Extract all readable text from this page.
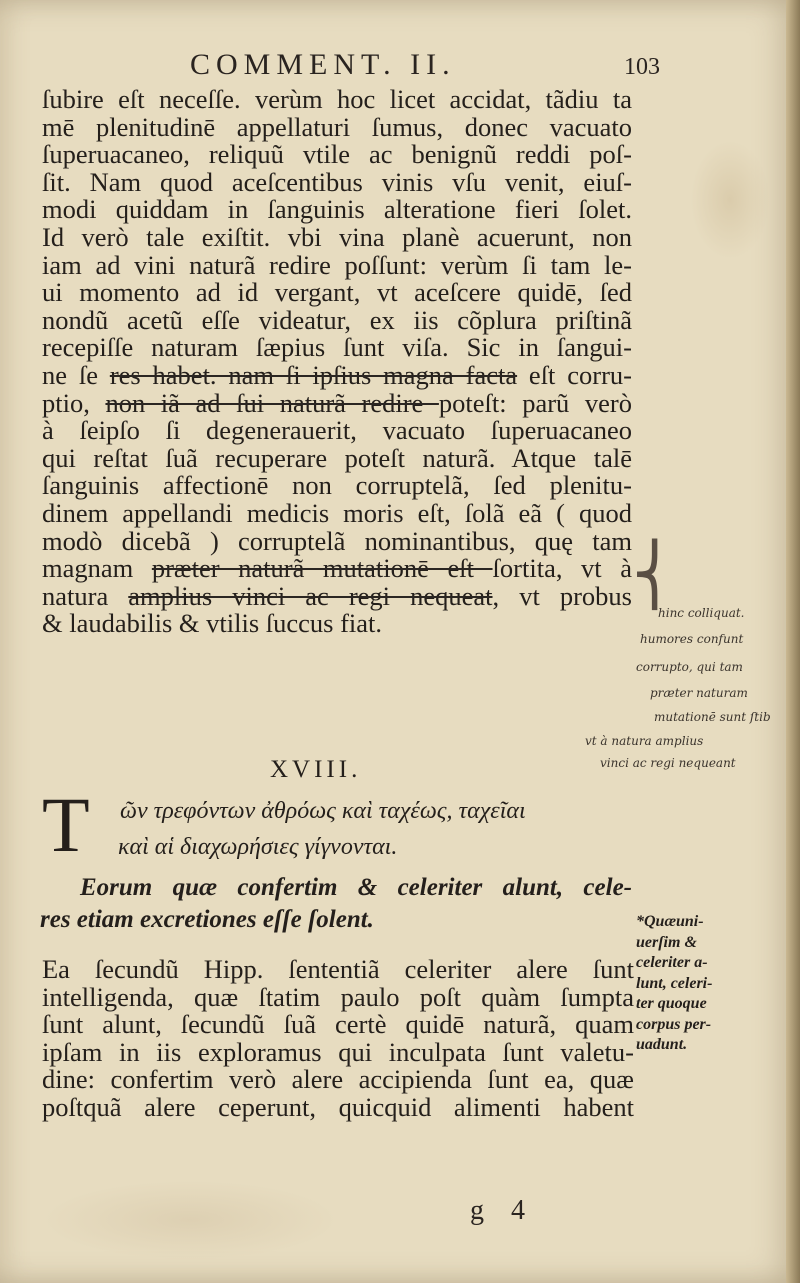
COMMENT. II.	103
ſubire eſt neceſſe. verùm hoc licet accidat, tãdiu ta
mē plenitudinē appellaturi ſumus, donec vacuato
ſuperuacaneo, reliquũ vtile ac benignũ reddi poſ-
ſit. Nam quod aceſcentibus vinis vſu venit, eiuſ-
modi quiddam in ſanguinis alteratione fieri ſolet.
Id verò tale exiſtit. vbi vina planè acuerunt, non
iam ad vini naturã redire poſſunt: verùm ſi tam le-
ui momento ad id vergant, vt aceſcere quidē, ſed
nondũ acetũ eſſe videatur, ex iis cõplura priſtinã
recepiſſe naturam ſæpius ſunt viſa. Sic in ſangui-
ne ſe res habet. nam ſi ipſius magna facta eſt corru-
ptio, non iã ad ſui naturã redire poteſt: parũ verò
à ſeipſo ſi degenerauerit, vacuato ſuperuacaneo
qui reſtat ſuã recuperare poteſt naturã. Atque talē
ſanguinis affectionē non corruptelã, ſed plenitu-
dinem appellandi medicis moris eſt, ſolã eã ( quod
modò dicebã ) corruptelã nominantibus, quę tam
magnam præter naturã mutationē eſt ſortita, vt à
natura amplius vinci ac regi nequeat, vt probus
& laudabilis & vtilis ſuccus fiat.
⎨
hinc colliquat.
humores confunt
corrupto, qui tam
præter naturam
mutationē sunt ſtib
vt à natura amplius
vinci ac regi nequeant
XVIII.
T ῶν τρεφόντων ἀθρόως καὶ ταχέως, ταχεῖαι
καὶ αἱ διαχωρήσιες γίγνονται.
Eorum quæ confertim & celeriter alunt, cele-
res etiam excretiones eſſe ſolent.	*Quæuni-
uerſim &
celeriter a-
lunt, celeri-
ter quoque
corpus per-
uadunt.
Ea ſecundũ Hipp. ſententiã celeriter alere ſunt
intelligenda, quæ ſtatim paulo poſt quàm ſumpta
ſunt alunt, ſecundũ ſuã certè quidē naturã, quam
ipſam in iis exploramus qui inculpata ſunt valetu-
dine: confertim verò alere accipienda ſunt ea, quæ
poſtquã alere ceperunt, quicquid alimenti habent
g 4
